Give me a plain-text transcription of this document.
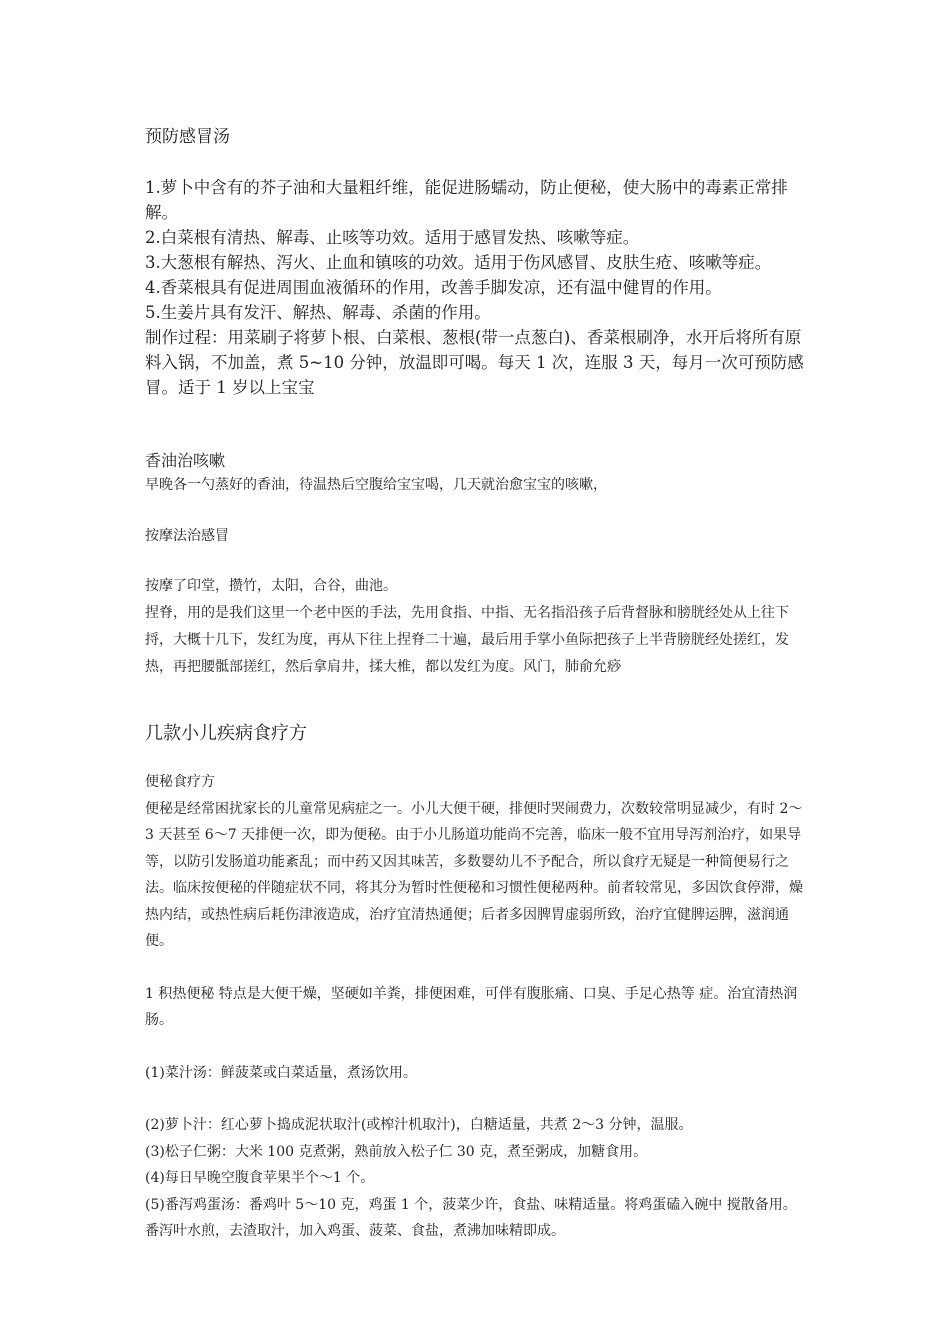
预防感冒汤

1.萝卜中含有的芥子油和大量粗纤维，能促进肠蠕动，防止便秘，使大肠中的毒素正常排解。

2.白菜根有清热、解毒、止咳等功效。适用于感冒发热、咳嗽等症。

3.大葱根有解热、泻火、止血和镇咳的功效。适用于伤风感冒、皮肤生疮、咳嗽等症。

4.香菜根具有促进周围血液循环的作用，改善手脚发凉，还有温中健胃的作用。

5.生姜片具有发汗、解热、解毒、杀菌的作用。

制作过程：用菜刷子将萝卜根、白菜根、葱根(带一点葱白)、香菜根刷净，水开后将所有原料入锅，不加盖，煮 5~10 分钟，放温即可喝。每天 1 次，连服 3 天，每月一次可预防感冒。适于 1 岁以上宝宝

香油治咳嗽

早晚各一勺蒸好的香油，待温热后空腹给宝宝喝，几天就治愈宝宝的咳嗽，

按摩法治感冒

按摩了印堂，攒竹，太阳，合谷，曲池。

捏脊，用的是我们这里一个老中医的手法，先用食指、中指、无名指沿孩子后背督脉和膀胱经处从上往下捋，大概十几下，发红为度，再从下往上捏脊二十遍，最后用手掌小鱼际把孩子上半背膀胱经处搓红，发热，再把腰骶部搓红，然后拿肩井，揉大椎，都以发红为度。风门，肺俞允痧

几款小儿疾病食疗方

便秘食疗方

便秘是经常困扰家长的儿童常见病症之一。小儿大便干硬，排便时哭闹费力，次数较常明显减少，有时 2～3 天甚至 6～7 天排便一次，即为便秘。由于小儿肠道功能尚不完善，临床一般不宜用导泻剂治疗，如果导等，以防引发肠道功能紊乱；而中药又因其味苦，多数婴幼儿不予配合，所以食疗无疑是一种简便易行之法。临床按便秘的伴随症状不同，将其分为暂时性便秘和习惯性便秘两种。前者较常见，多因饮食停滞，燥热内结，或热性病后耗伤津液造成，治疗宜清热通便；后者多因脾胃虚弱所致，治疗宜健脾运脾，滋润通便。

1 积热便秘 特点是大便干燥，坚硬如羊粪，排便困难，可伴有腹胀痛、口臭、手足心热等 症。治宜清热润肠。

(1)菜汁汤：鲜菠菜或白菜适量，煮汤饮用。

(2)萝卜汁：红心萝卜捣成泥状取汁(或榨汁机取汁)，白糖适量，共煮 2～3 分钟，温服。

(3)松子仁粥：大米 100 克煮粥，熟前放入松子仁 30 克，煮至粥成，加糖食用。

(4)每日早晚空腹食苹果半个～1 个。

(5)番泻鸡蛋汤：番鸡叶 5～10 克，鸡蛋 1 个，菠菜少许，食盐、味精适量。将鸡蛋磕入碗中 搅散备用。番泻叶水煎，去渣取汁，加入鸡蛋、菠菜、食盐，煮沸加味精即成。
